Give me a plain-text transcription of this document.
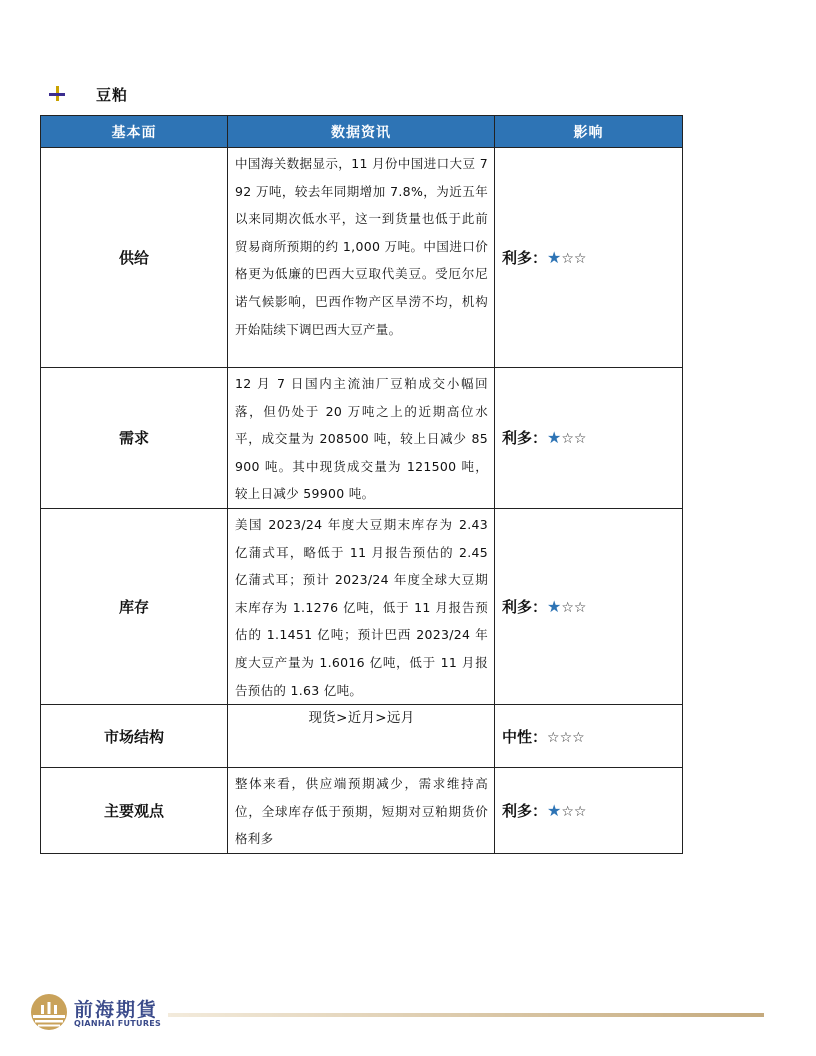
豆粕
基本面	数据资讯	影响
供给	中国海关数据显示，11 月份中国进口大豆 792 万吨，较去年同期增加 7.8%，为近五年以来同期次低水平，这一到货量也低于此前贸易商所预期的约 1,000 万吨。中国进口价格更为低廉的巴西大豆取代美豆。受厄尔尼诺气候影响，巴西作物产区旱涝不均，机构开始陆续下调巴西大豆产量。	利多：★☆☆
需求	12 月 7 日国内主流油厂豆粕成交小幅回落，但仍处于 20 万吨之上的近期高位水平，成交量为 208500 吨，较上日减少 85900 吨。其中现货成交量为 121500 吨，较上日减少 59900 吨。	利多：★☆☆
库存	美国 2023/24 年度大豆期末库存为 2.43 亿蒲式耳，略低于 11 月报告预估的 2.45 亿蒲式耳；预计 2023/24 年度全球大豆期末库存为 1.1276 亿吨，低于 11 月报告预估的 1.1451 亿吨；预计巴西 2023/24 年度大豆产量为 1.6016 亿吨，低于 11 月报告预估的 1.63 亿吨。	利多：★☆☆
市场结构	现货>近月>远月	中性：☆☆☆
主要观点	整体来看，供应端预期减少，需求维持高位，全球库存低于预期，短期对豆粕期货价格利多	利多：★☆☆
前海期貨
QIANHAI FUTURES
